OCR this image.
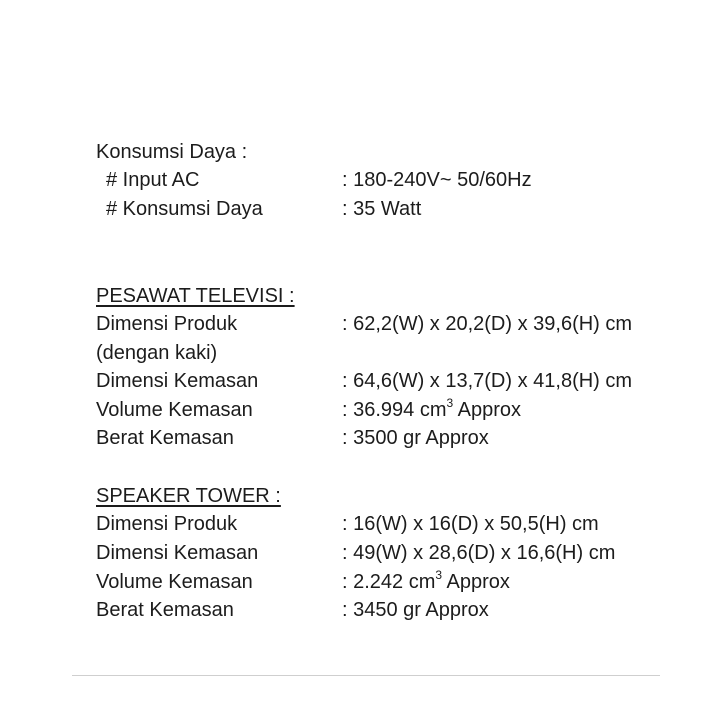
Konsumsi Daya :
# Input AC	: 180-240V~ 50/60Hz
# Konsumsi Daya	: 35 Watt
PESAWAT TELEVISI :
Dimensi Produk	: 62,2(W) x 20,2(D) x 39,6(H) cm
(dengan kaki)
Dimensi Kemasan	: 64,6(W) x 13,7(D) x 41,8(H) cm
Volume Kemasan	: 36.994 $cm^3$ Approx
Berat Kemasan	: 3500 gr Approx
SPEAKER TOWER :
Dimensi Produk	: 16(W) x 16(D) x 50,5(H) cm
Dimensi Kemasan	: 49(W) x 28,6(D) x 16,6(H) cm
Volume Kemasan	: 2.242 $cm^3$ Approx
Berat Kemasan	: 3450 gr Approx
